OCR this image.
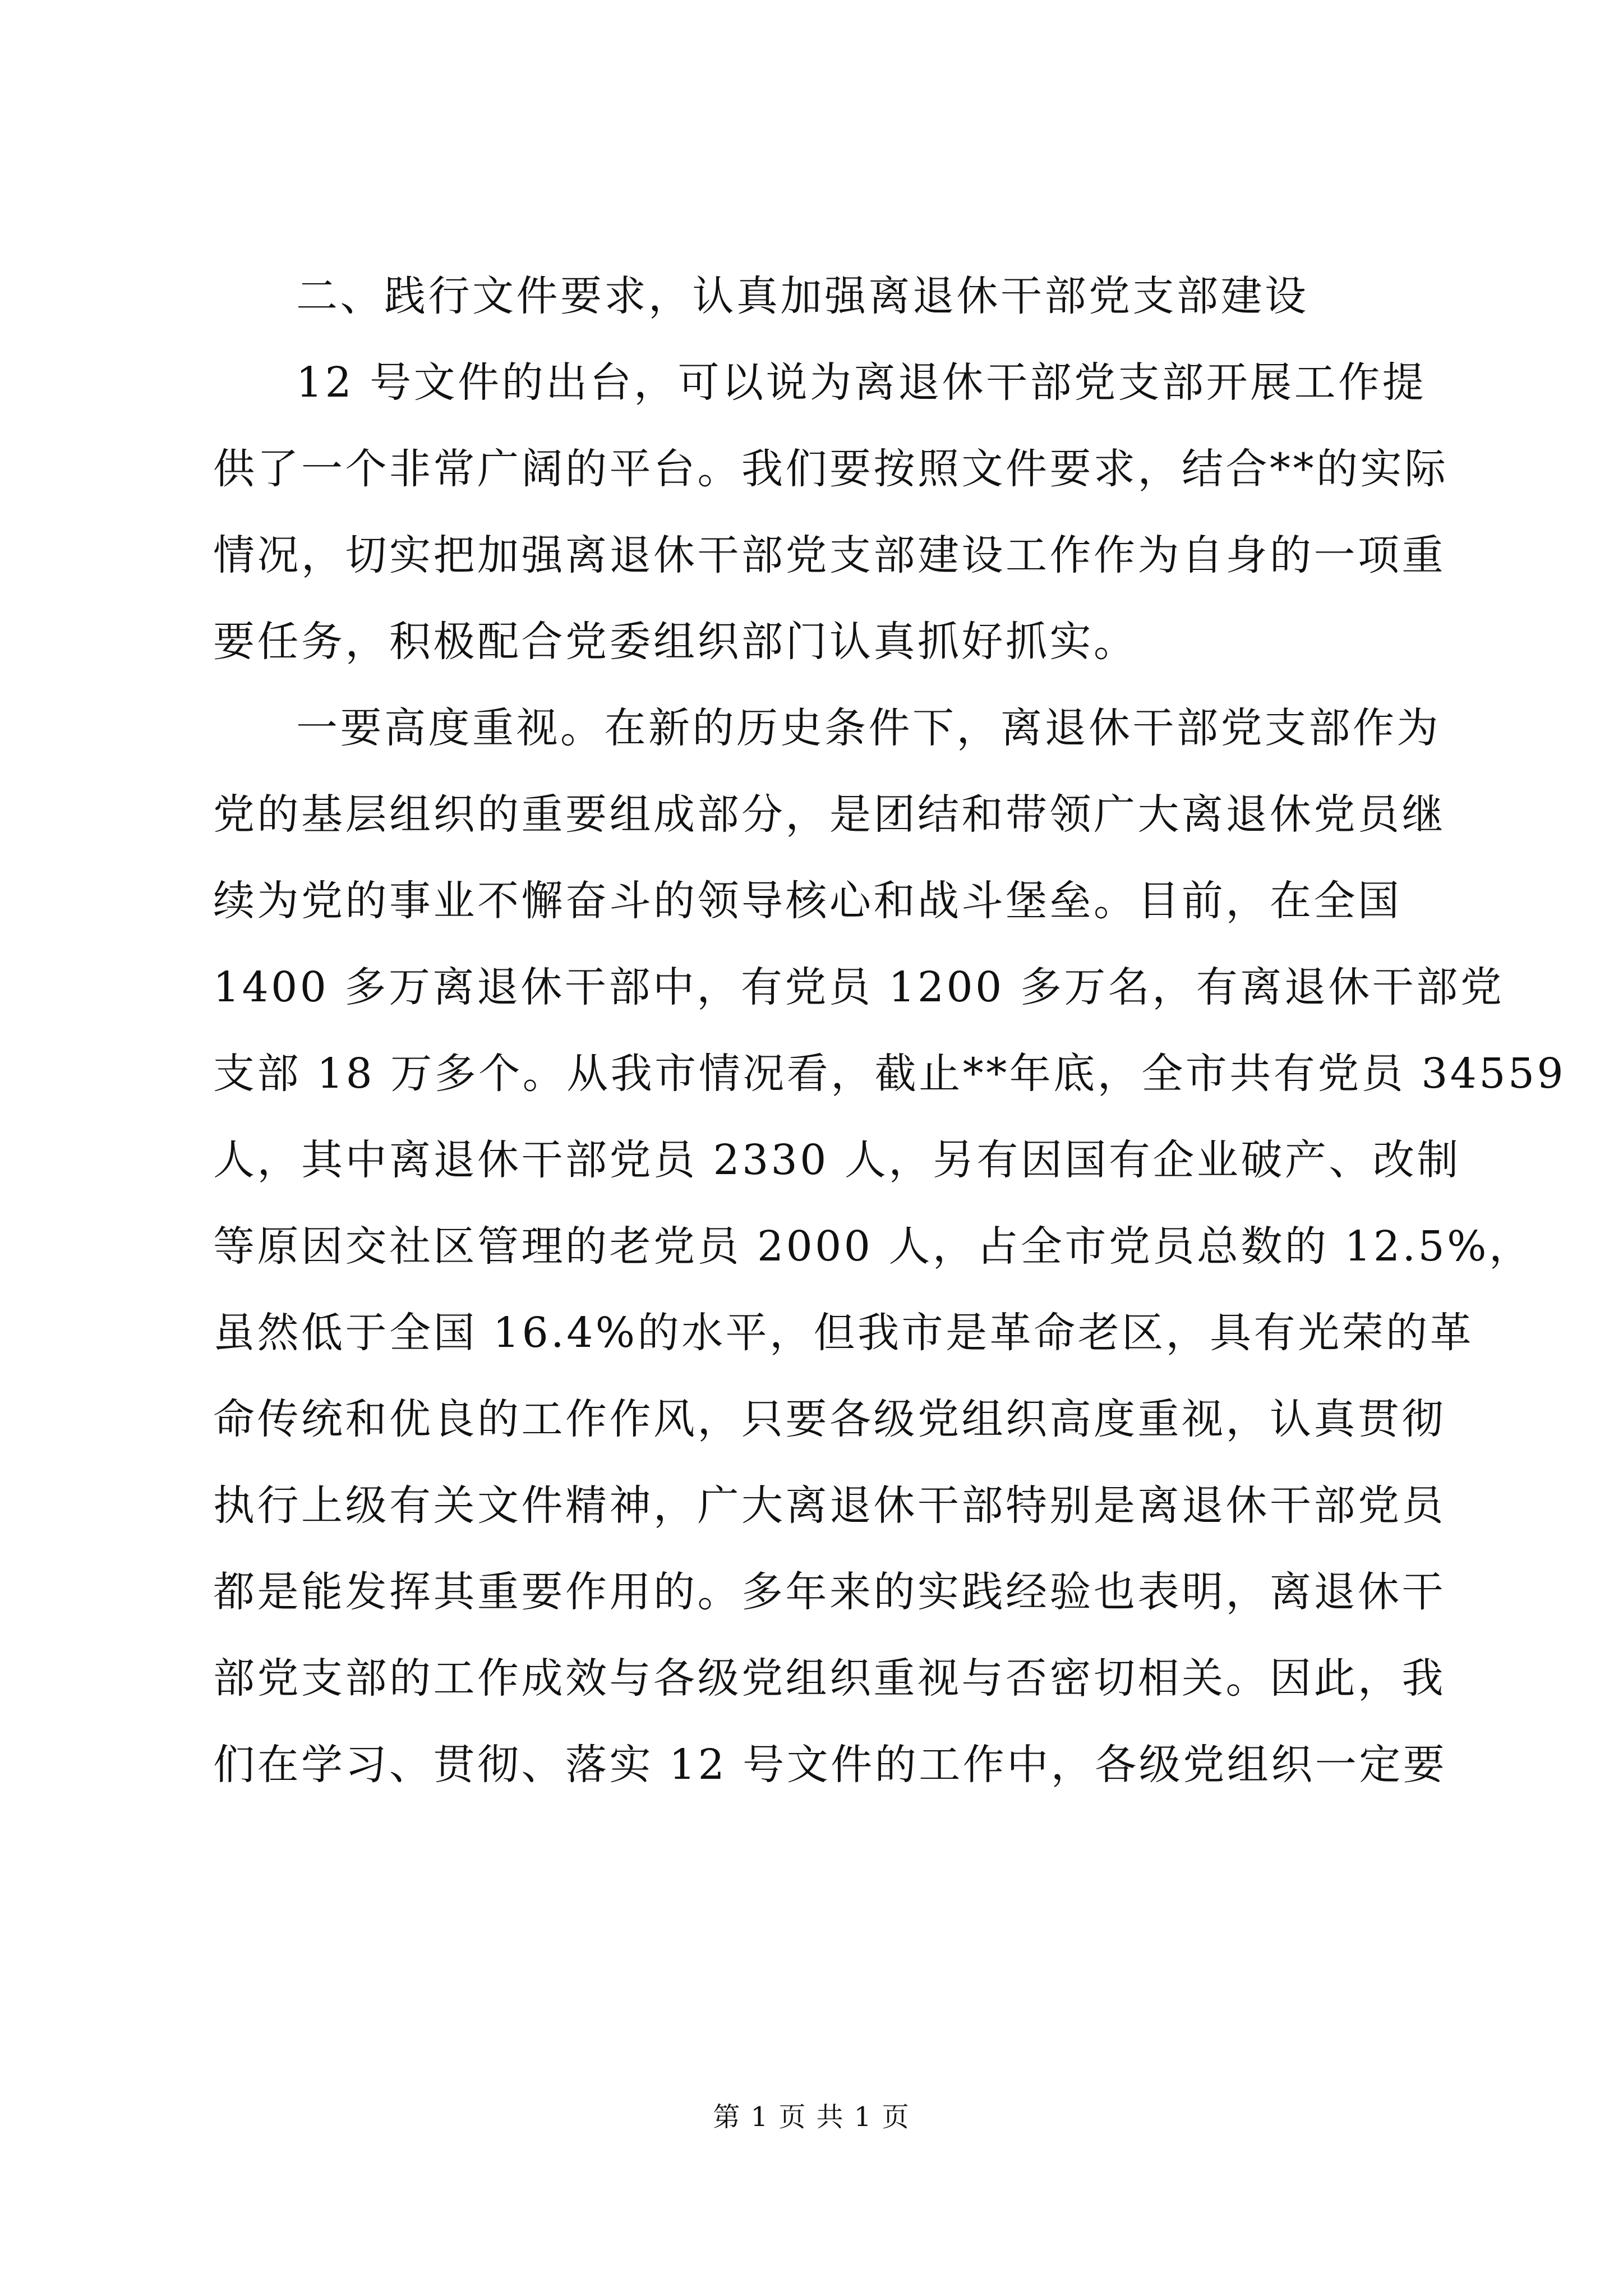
二、践行文件要求，认真加强离退休干部党支部建设
12 号文件的出台，可以说为离退休干部党支部开展工作提
供了一个非常广阔的平台。我们要按照文件要求，结合**的实际
情况，切实把加强离退休干部党支部建设工作作为自身的一项重
要任务，积极配合党委组织部门认真抓好抓实。
一要高度重视。在新的历史条件下，离退休干部党支部作为
党的基层组织的重要组成部分，是团结和带领广大离退休党员继
续为党的事业不懈奋斗的领导核心和战斗堡垒。目前，在全国
1400 多万离退休干部中，有党员 1200 多万名，有离退休干部党
支部 18 万多个。从我市情况看，截止**年底，全市共有党员 34559
人，其中离退休干部党员 2330 人，另有因国有企业破产、改制
等原因交社区管理的老党员 2000 人，占全市党员总数的 12.5%，
虽然低于全国 16.4%的水平，但我市是革命老区，具有光荣的革
命传统和优良的工作作风，只要各级党组织高度重视，认真贯彻
执行上级有关文件精神，广大离退休干部特别是离退休干部党员
都是能发挥其重要作用的。多年来的实践经验也表明，离退休干
部党支部的工作成效与各级党组织重视与否密切相关。因此，我
们在学习、贯彻、落实 12 号文件的工作中，各级党组织一定要
第 1 页 共 1 页
